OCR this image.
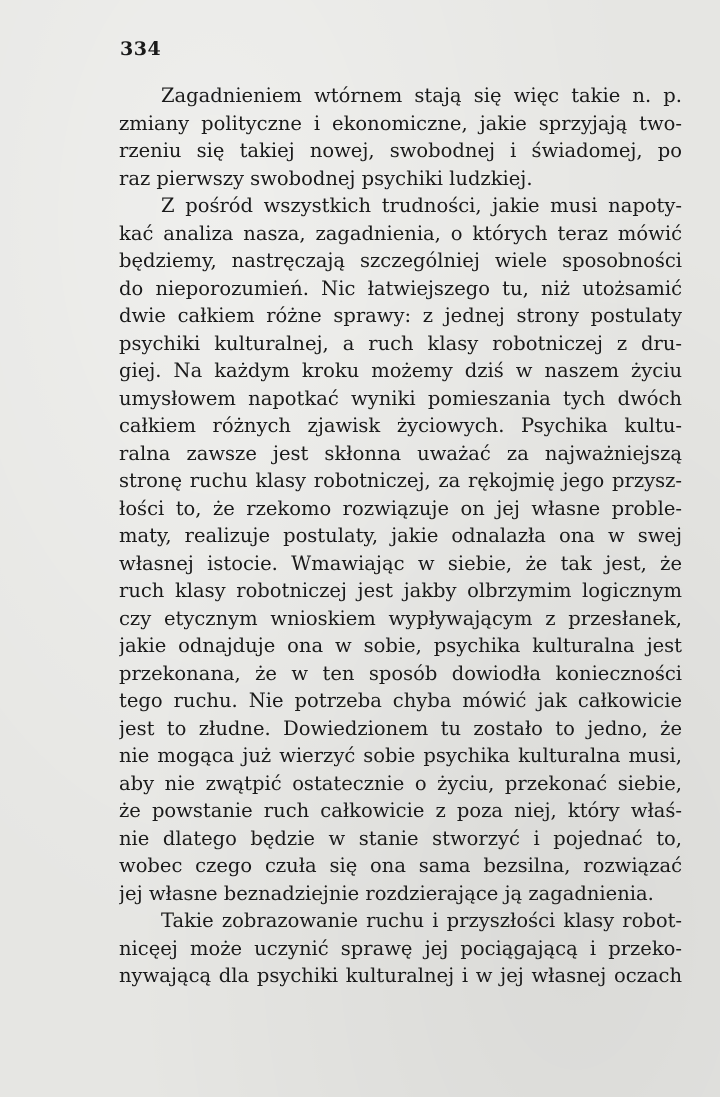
334
Zagadnieniem wtórnem stają się więc takie n. p.
zmiany polityczne i ekonomiczne, jakie sprzyjają two-
rzeniu się takiej nowej, swobodnej i świadomej, po
raz pierwszy swobodnej psychiki ludzkiej.
Z pośród wszystkich trudności, jakie musi napoty-
kać analiza nasza, zagadnienia, o których teraz mówić
będziemy, nastręczają szczególniej wiele sposobności
do nieporozumień. Nic łatwiejszego tu, niż utożsamić
dwie całkiem różne sprawy: z jednej strony postulaty
psychiki kulturalnej, a ruch klasy robotniczej z dru-
giej. Na każdym kroku możemy dziś w naszem życiu
umysłowem napotkać wyniki pomieszania tych dwóch
całkiem różnych zjawisk życiowych. Psychika kultu-
ralna zawsze jest skłonna uważać za najważniejszą
stronę ruchu klasy robotniczej, za rękojmię jego przysz-
łości to, że rzekomo rozwiązuje on jej własne proble-
maty, realizuje postulaty, jakie odnalazła ona w swej
własnej istocie. Wmawiając w siebie, że tak jest, że
ruch klasy robotniczej jest jakby olbrzymim logicznym
czy etycznym wnioskiem wypływającym z przesłanek,
jakie odnajduje ona w sobie, psychika kulturalna jest
przekonana, że w ten sposób dowiodła konieczności
tego ruchu. Nie potrzeba chyba mówić jak całkowicie
jest to złudne. Dowiedzionem tu zostało to jedno, że
nie mogąca już wierzyć sobie psychika kulturalna musi,
aby nie zwątpić ostatecznie o życiu, przekonać siebie,
że powstanie ruch całkowicie z poza niej, który właś-
nie dlatego będzie w stanie stworzyć i pojednać to,
wobec czego czuła się ona sama bezsilna, rozwiązać
jej własne beznadziejnie rozdzierające ją zagadnienia.
Takie zobrazowanie ruchu i przyszłości klasy robot-
nicęej może uczynić sprawę jej pociągającą i przeko-
nywającą dla psychiki kulturalnej i w jej własnej oczach
